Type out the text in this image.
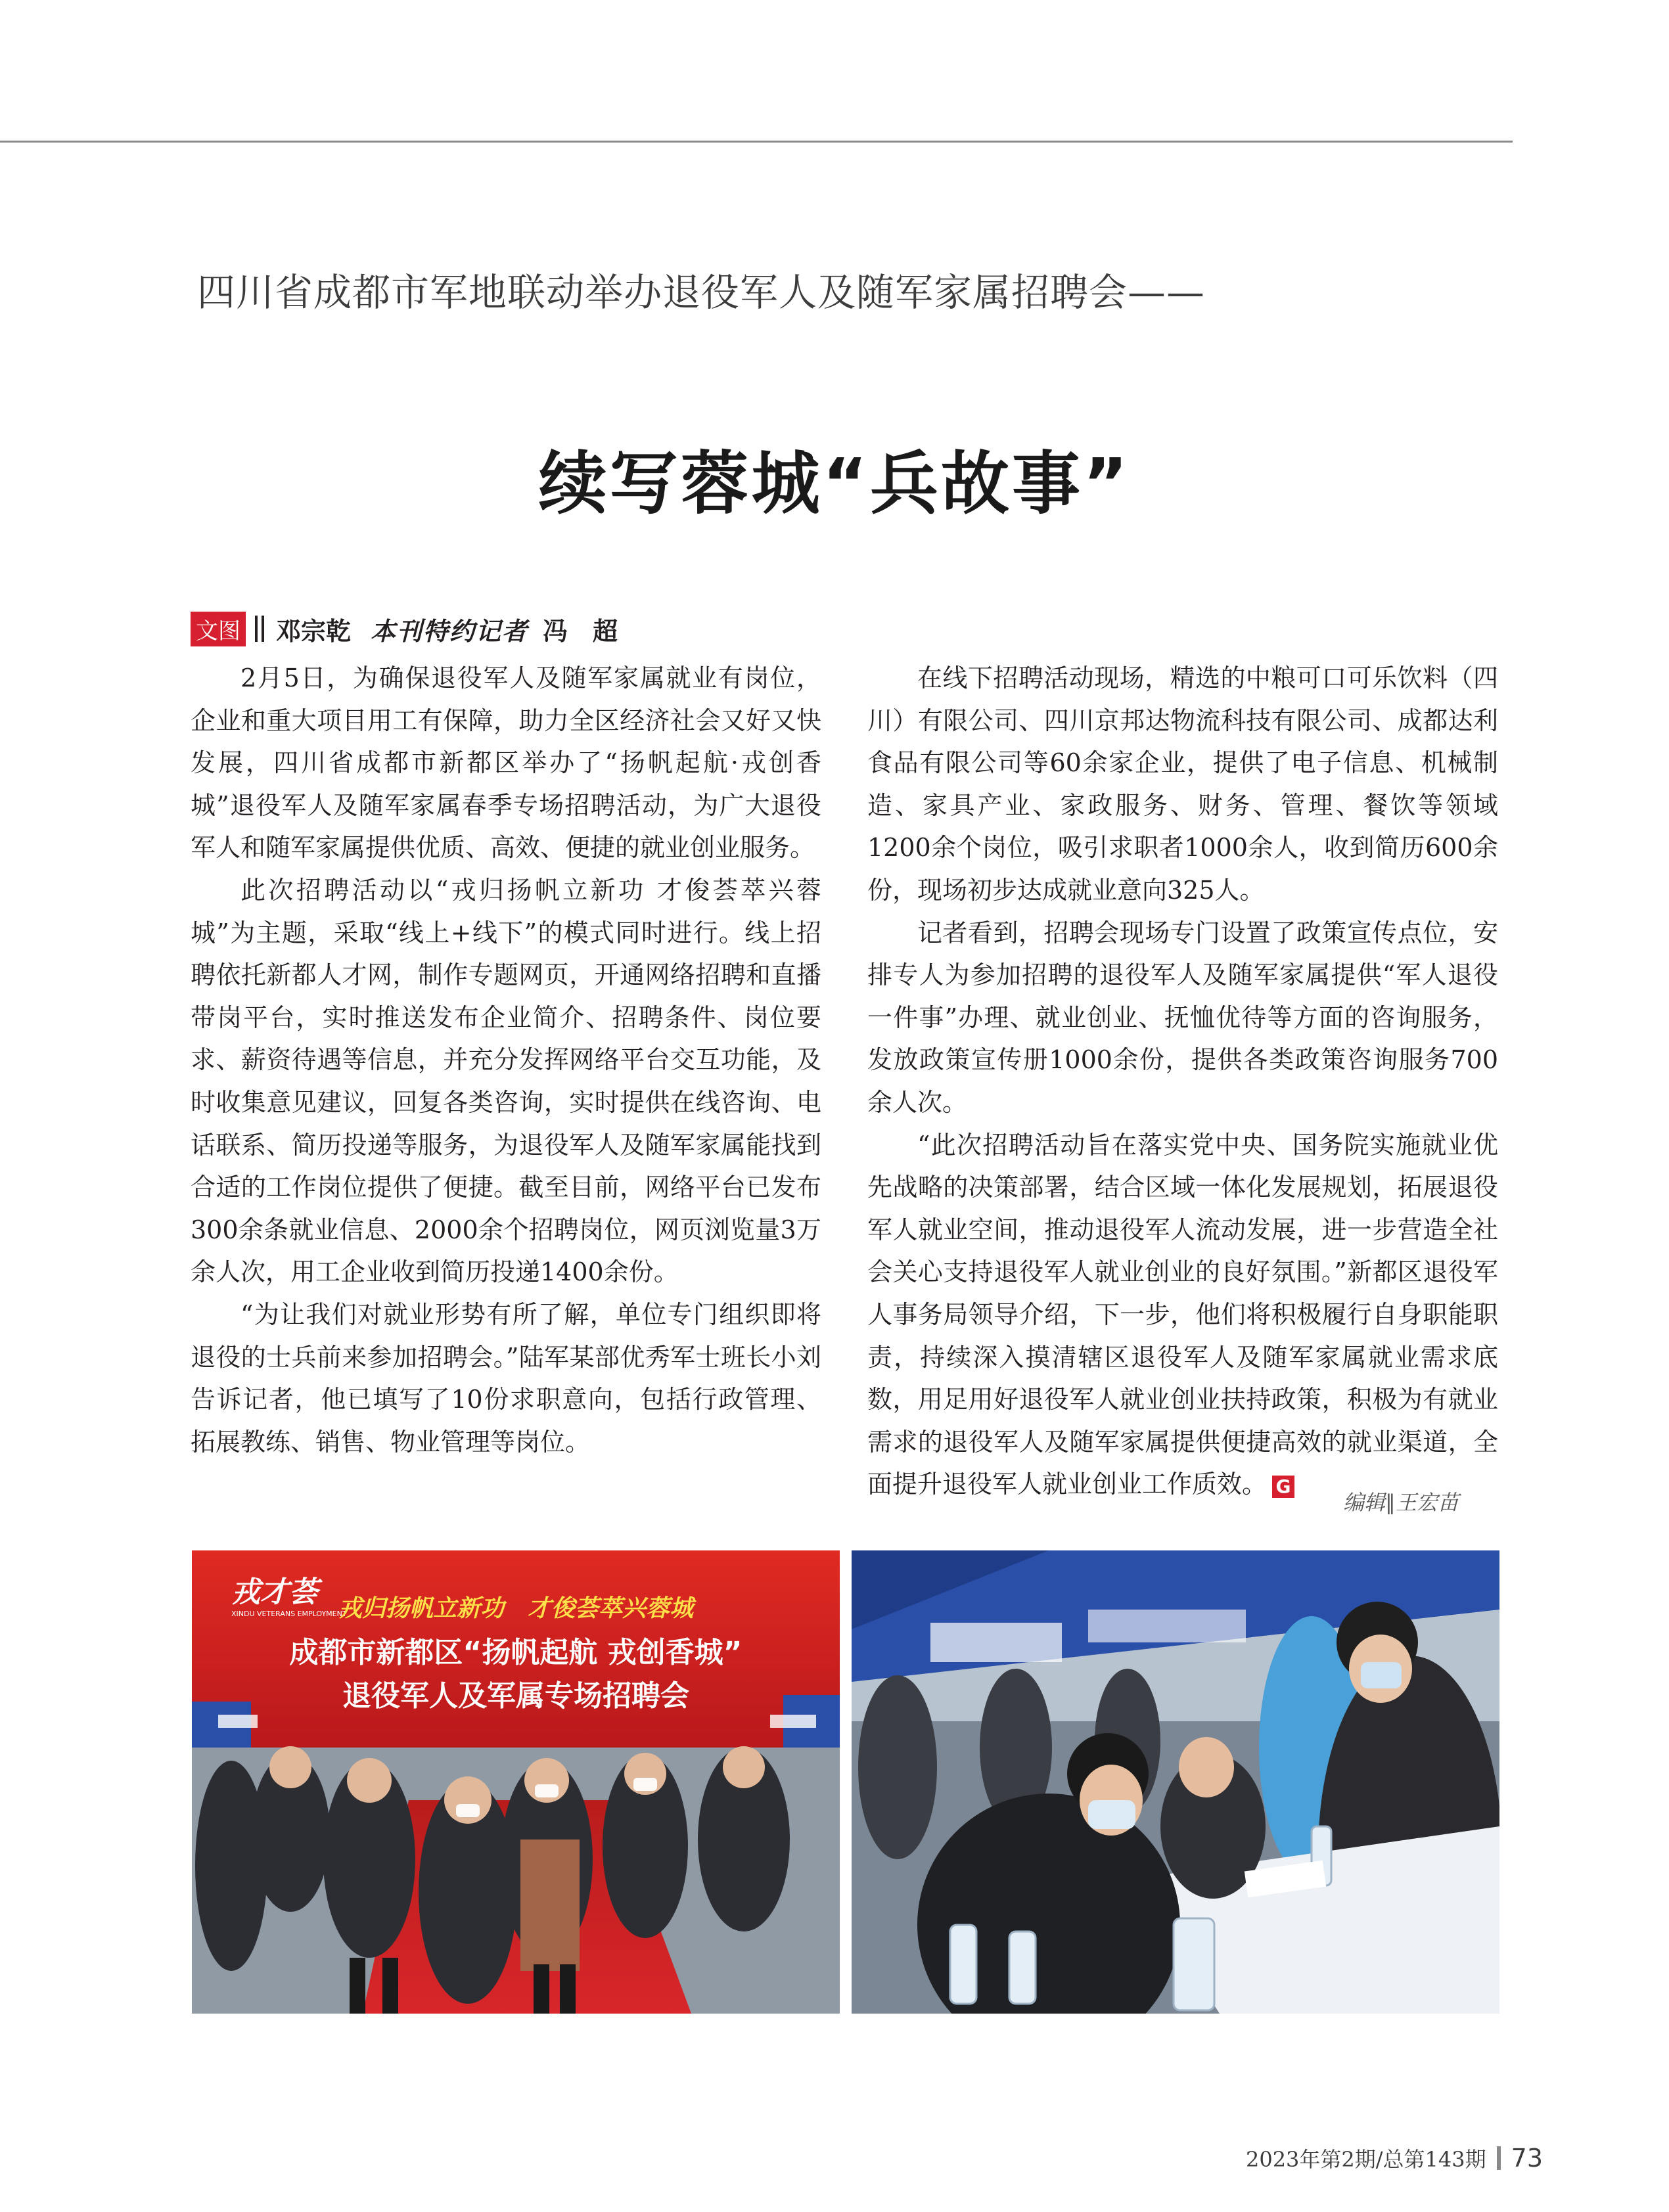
四川省成都市军地联动举办退役军人及随军家属招聘会——
续写蓉城“兵故事”
文图 邓宗乾 本刊特约记者 冯　超

2月5日，为确保退役军人及随军家属就业有岗位，企业和重大项目用工有保障，助力全区经济社会又好又快发展，四川省成都市新都区举办了“扬帆起航·戎创香城”退役军人及随军家属春季专场招聘活动，为广大退役军人和随军家属提供优质、高效、便捷的就业创业服务。

此次招聘活动以“戎归扬帆立新功 才俊荟萃兴蓉城”为主题，采取“线上+线下”的模式同时进行。线上招聘依托新都人才网，制作专题网页，开通网络招聘和直播带岗平台，实时推送发布企业简介、招聘条件、岗位要求、薪资待遇等信息，并充分发挥网络平台交互功能，及时收集意见建议，回复各类咨询，实时提供在线咨询、电话联系、简历投递等服务，为退役军人及随军家属能找到合适的工作岗位提供了便捷。截至目前，网络平台已发布300余条就业信息、2000余个招聘岗位，网页浏览量3万余人次，用工企业收到简历投递1400余份。

“为让我们对就业形势有所了解，单位专门组织即将退役的士兵前来参加招聘会。”陆军某部优秀军士班长小刘告诉记者，他已填写了10份求职意向，包括行政管理、拓展教练、销售、物业管理等岗位。

在线下招聘活动现场，精选的中粮可口可乐饮料（四川）有限公司、四川京邦达物流科技有限公司、成都达利食品有限公司等60余家企业，提供了电子信息、机械制造、家具产业、家政服务、财务、管理、餐饮等领域1200余个岗位，吸引求职者1000余人，收到简历600余份，现场初步达成就业意向325人。

记者看到，招聘会现场专门设置了政策宣传点位，安排专人为参加招聘的退役军人及随军家属提供“军人退役一件事”办理、就业创业、抚恤优待等方面的咨询服务，发放政策宣传册1000余份，提供各类政策咨询服务700余人次。

“此次招聘活动旨在落实党中央、国务院实施就业优先战略的决策部署，结合区域一体化发展规划，拓展退役军人就业空间，推动退役军人流动发展，进一步营造全社会关心支持退役军人就业创业的良好氛围。”新都区退役军人事务局领导介绍，下一步，他们将积极履行自身职能职责，持续深入摸清辖区退役军人及随军家属就业需求底数，用足用好退役军人就业创业扶持政策，积极为有就业需求的退役军人及随军家属提供便捷高效的就业渠道，全面提升退役军人就业创业工作质效。 G

编辑∥王宏苗
戎才荟
XINDU VETERANS EMPLOYMENT
戎归扬帆立新功　才俊荟萃兴蓉城
成都市新都区“扬帆起航 戎创香城”
退役军人及军属专场招聘会
2023年第2期/总第143期 73
